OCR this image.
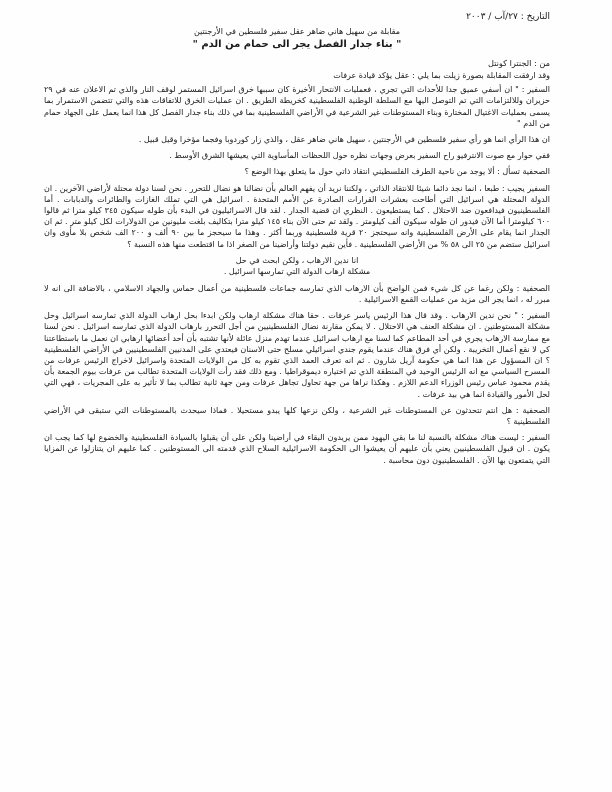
التاريخ : ٢٧/آب / ٢٠٠٣
مقابلة من سهيل هاني ضاهر عقل سفير فلسطين في الأرجنتين
" بناء جدار الفصل يجر الى حمام من الدم "
من : الجنترا كونتل

وقد ارفقت المقابلة بصورة زيلت بما يلي : عقل يؤكد قيادة عرفات

السفير : " ان أسفي عميق جدا للأحداث التي تجري ، فعمليات الانتحار الأخيرة كان سببها خرق اسرائيل المستمر لوقف النار والذي تم الاعلان عنه في ٢٩ حزيران وللالتزامات التي تم التوصل اليها مع السلطة الوطنية الفلسطينية كخريطة الطريق . ان عمليات الخرق للاتفاقات هذه والتي تتضمن الاستمرار بما يسمى بعمليات الاغتيال المختارة وبناء المستوطنات غير الشرعية في الأراضي الفلسطينية بما في ذلك بناء جدار الفصل كل هذا انما يعمل على الجهاد حمام من الدم "

ان هذا الرأي انما هو رأي سفير فلسطين في الأرجنتين ، سهيل هاني ضاهر عقل ، والذي زار كوردوبا وفجما مؤخرا وقيل قبيل .

ففي حوار مع صوت الانترفيو راح السفير بعرض وجهات نظره حول اللحظات المأساوية التي يعيشها الشرق الأوسط .

الصحفية تسأل : ألا يوجد من ناحية الطرف الفلسطيني انتقاد ذاتي حول ما يتعلق بهذا الوضع ؟

السفير يجيب : طبعا ، انما نجد دائما شيئا للانتقاد الذاتي ، ولكننا نريد أن يفهم العالم بأن نضالنا هو نضال للتحرر . نحن لسنا دولة محتلة لأراضي الآخرين . ان الدولة المحتلة هي اسرائيل التي أطاحت بعشرات القرارات الصادرة عن الأمم المتحدة . اسرائيل هي التي تملك الغازات والطائرات والدبابات . أما الفلسطينيون فيدافعون ضد الاحتلال . كما يستطيعون . النظري ان قضية الجدار . لقد قال الاسرائيليون في البدء بأن طوله سيكون ٣٤٥ كيلو مترا ثم قالوا ٦٠٠ كيلومترا أما الآن فيدور ان طوله سيكون ألف كيلومتر . ولقد تم حتى الآن بناء ١٤٥ كيلو مترا بتكاليف بلغت مليونين من الدولارات لكل كيلو متر . ثم ان الجدار انما يقام على الأرض الفلسطينية وانه سيحتجز ٢٠ قرية فلسطينية وربما أكثر . وهذا ما سيحجز ما بين ٩٠ ألف و ٢٠٠ الف شخص بلا مأوى وان اسرائيل ستضم من ٢٥ الى ٥٨ % من الأراضي الفلسطينية . فأين نقيم دولتنا وأراضينا من الصغر اذا ما اقتطعت منها هذه النسبة ؟

انا ندين الارهاب ، ولكن ابحث في حل

مشكلة ارهاب الدولة التي تمارسها اسرائيل .

الصحفية : ولكن رغما عن كل شيء فمن الواضح بأن الارهاب الذي تمارسه جماعات فلسطينية من أعمال حماس والجهاد الاسلامي ، بالاضافة الى انه لا مبرر له ، انما يجر الى مزيد من عمليات القمع الاسرائيلية .

السفير : " نحن ندين الارهاب . وقد قال هذا الرئيس ياسر عرفات . حقا هناك مشكلة ارهاب ولكن ابدءا بحل ارهاب الدولة الذي تمارسه اسرائيل وحل مشكلة المستوطنين . ان مشكلة العنف هي الاحتلال . لا يمكن مقارنة نضال الفلسطينيين من أجل التحرر بارهاب الدولة الذي تمارسه اسرائيل . نحن لسنا مع ممارسة الارهاب يجري في أحد المطاعم كما لسنا مع ارهاب اسرائيل عندما تهدم منزل عائلة لأنها تشتبه بأن أحد أعضائها ارهابي ان نعمل ما باستطاعتنا كي لا نقع أعمال التخريبة . ولكن أي فرق هناك عندما يقوم جندي اسرائيلي مسلح حتى الاسنان فيعتدي على المدنيين الفلسطينيين في الأراضي الفلسطينية ؟ ان المسؤول عن هذا انما هي حكومة آريل شارون . ثم انه تعرف العمد الذي تقوم به كل من الولايات المتحدة واسرائيل لاخراج الرئيس عرفات من المسرح السياسي مع انه الرئيس الوحيد في المنطقة الذي تم اختياره ديموقراطيا . ومع ذلك فقد رأت الولايات المتحدة تطالب من عرفات بيوم الجمعة بأن يقدم محمود عباس رئيس الوزراء الدعم اللازم . وهكذا نراها من جهة تحاول تجاهل عرفات ومن جهة ثانية تطالب بما لا تأثير به على المجريات ، فهي التي لحل الأمور والقيادة انما هي بيد عرفات .

الصحفية : هل انتم تتحدثون عن المستوطنات غير الشرعية ، ولكن نزعها كلها يبدو مستحيلا . فماذا سيحدث بالمستوطنات التي ستبقى في الأراضي الفلسطينية ؟

السفير : ليست هناك مشكلة بالنسبة لنا ما بقي اليهود ممن يريدون البقاء في أراضينا ولكن على أن يقبلوا بالسيادة الفلسطينية والخضوع لها كما يجب ان يكون . ان قبول الفلسطينيين يعني بأن عليهم أن يعيشوا الى الحكومة الاسرائيلية السلاح الذي قدمته الى المستوطنين . كما عليهم ان يتنازلوا عن المزايا التي يتمتعون بها الآن . الفلسطينيون دون محاسبة .
